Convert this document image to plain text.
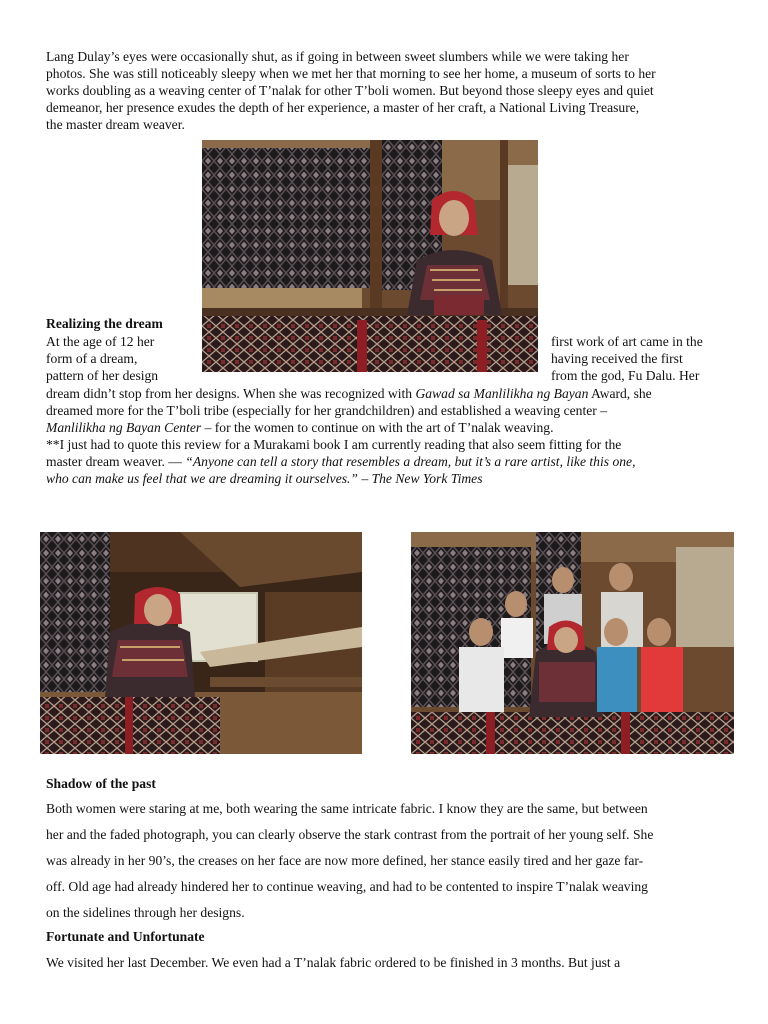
Lang Dulay’s eyes were occasionally shut, as if going in between sweet slumbers while we were taking her
photos. She was still noticeably sleepy when we met her that morning to see her home, a museum of sorts to her
works doubling as a weaving center of T’nalak for other T’boli women. But beyond those sleepy eyes and quiet
demeanor, her presence exudes the depth of her experience, a master of her craft, a National Living Treasure,
the master dream weaver.
Realizing the dream
At the age of 12 her
form of a dream,
pattern of her design
first work of art came in the
having received the first
from the god, Fu Dalu. Her
dream didn’t stop from her designs. When she was recognized with Gawad sa Manlilikha ng Bayan Award, she
dreamed more for the T’boli tribe (especially for her grandchildren) and established a weaving center –
Manlilikha ng Bayan Center – for the women to continue on with the art of T’nalak weaving.
**I just had to quote this review for a Murakami book I am currently reading that also seem fitting for the
master dream weaver. — “Anyone can tell a story that resembles a dream, but it’s a rare artist, like this one,
who can make us feel that we are dreaming it ourselves.” – The New York Times
Shadow of the past
Both women were staring at me, both wearing the same intricate fabric. I know they are the same, but between
her and the faded photograph, you can clearly observe the stark contrast from the portrait of her young self. She
was already in her 90’s, the creases on her face are now more defined, her stance easily tired and her gaze far-
off. Old age had already hindered her to continue weaving, and had to be contented to inspire T’nalak weaving
on the sidelines through her designs.
Fortunate and Unfortunate
We visited her last December. We even had a T’nalak fabric ordered to be finished in 3 months. But just a
